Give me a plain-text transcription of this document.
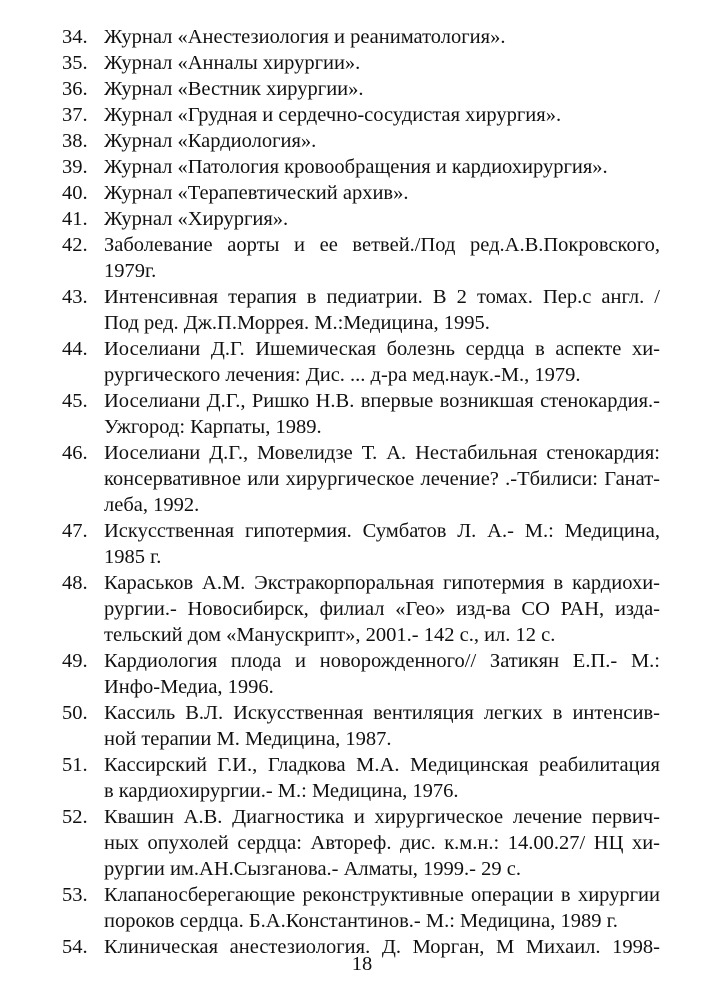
34. Журнал «Анестезиология и реаниматология».
35. Журнал «Анналы хирургии».
36. Журнал «Вестник хирургии».
37. Журнал «Грудная и сердечно-сосудистая хирургия».
38. Журнал «Кардиология».
39. Журнал «Патология кровообращения и кардиохирургия».
40. Журнал «Терапевтический архив».
41. Журнал «Хирургия».
42. Заболевание аорты и ее ветвей./Под ред.А.В.Покровского,
1979г.
43. Интенсивная терапия в педиатрии. В 2 томах. Пер.с англ. /
Под ред. Дж.П.Моррея. М.:Медицина, 1995.
44. Иоселиани Д.Г. Ишемическая болезнь сердца в аспекте хи-
рургического лечения: Дис. ... д-ра мед.наук.-М., 1979.
45. Иоселиани Д.Г., Ришко Н.В. впервые возникшая стенокардия.-
Ужгород: Карпаты, 1989.
46. Иоселиани Д.Г., Мовелидзе Т. А. Нестабильная стенокардия:
консервативное или хирургическое лечение? .-Тбилиси: Ганат-
леба, 1992.
47. Искусственная гипотермия. Сумбатов Л. А.- М.: Медицина,
1985 г.
48. Караськов А.М. Экстракорпоральная гипотермия в кардиохи-
рургии.- Новосибирск, филиал «Гео» изд-ва СО РАН, изда-
тельский дом «Манускрипт», 2001.- 142 с., ил. 12 с.
49. Кардиология плода и новорожденного// Затикян Е.П.- М.:
Инфо-Медиа, 1996.
50. Кассиль В.Л. Искусственная вентиляция легких в интенсив-
ной терапии М. Медицина, 1987.
51. Кассирский Г.И., Гладкова М.А. Медицинская реабилитация
в кардиохирургии.- М.: Медицина, 1976.
52. Квашин А.В. Диагностика и хирургическое лечение первич-
ных опухолей сердца: Автореф. дис. к.м.н.: 14.00.27/ НЦ хи-
рургии им.АН.Сызганова.- Алматы, 1999.- 29 с.
53. Клапаносберегающие реконструктивные операции в хирургии
пороков сердца. Б.А.Константинов.- М.: Медицина, 1989 г.
54. Клиническая анестезиология. Д. Морган, М Михаил. 1998-
18
